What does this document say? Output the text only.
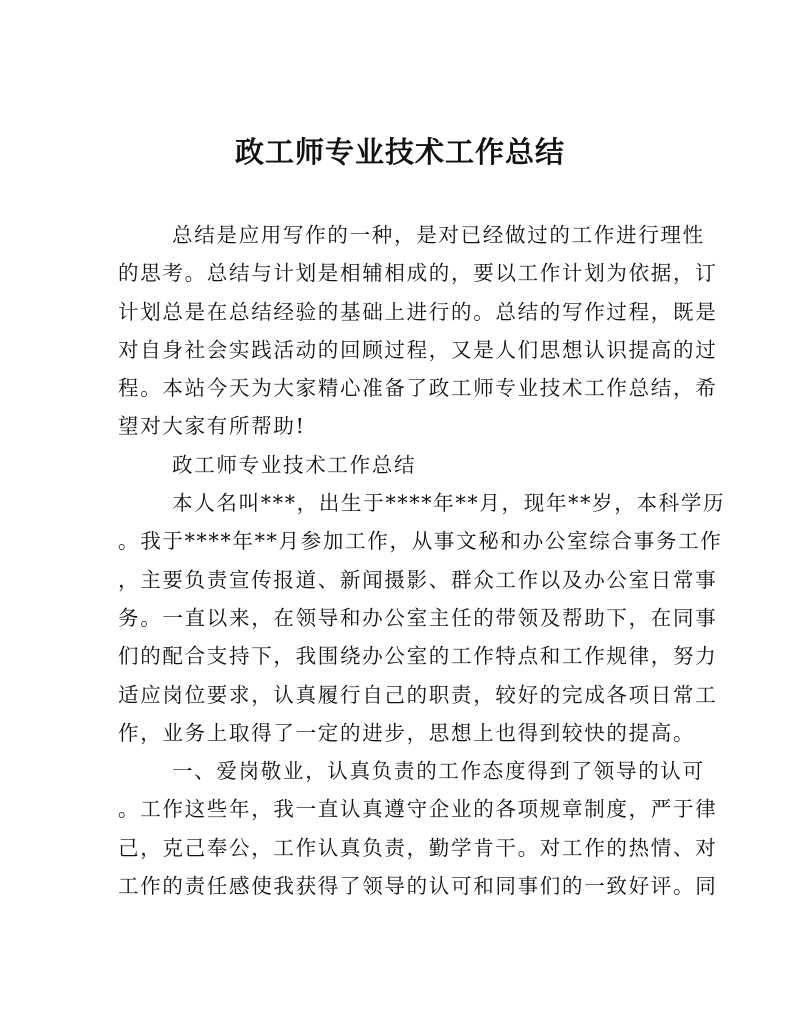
政工师专业技术工作总结
总结是应用写作的一种，是对已经做过的工作进行理性
的思考。总结与计划是相辅相成的，要以工作计划为依据，订
计划总是在总结经验的基础上进行的。总结的写作过程，既是
对自身社会实践活动的回顾过程，又是人们思想认识提高的过
程。本站今天为大家精心准备了政工师专业技术工作总结，希
望对大家有所帮助!
政工师专业技术工作总结
本人名叫***，出生于****年**月，现年**岁，本科学历
。我于****年**月参加工作，从事文秘和办公室综合事务工作
，主要负责宣传报道、新闻摄影、群众工作以及办公室日常事
务。一直以来，在领导和办公室主任的带领及帮助下，在同事
们的配合支持下，我围绕办公室的工作特点和工作规律，努力
适应岗位要求，认真履行自己的职责，较好的完成各项日常工
作，业务上取得了一定的进步，思想上也得到较快的提高。
一、爱岗敬业，认真负责的工作态度得到了领导的认可
。工作这些年，我一直认真遵守企业的各项规章制度，严于律
己，克己奉公，工作认真负责，勤学肯干。对工作的热情、对
工作的责任感使我获得了领导的认可和同事们的一致好评。同
